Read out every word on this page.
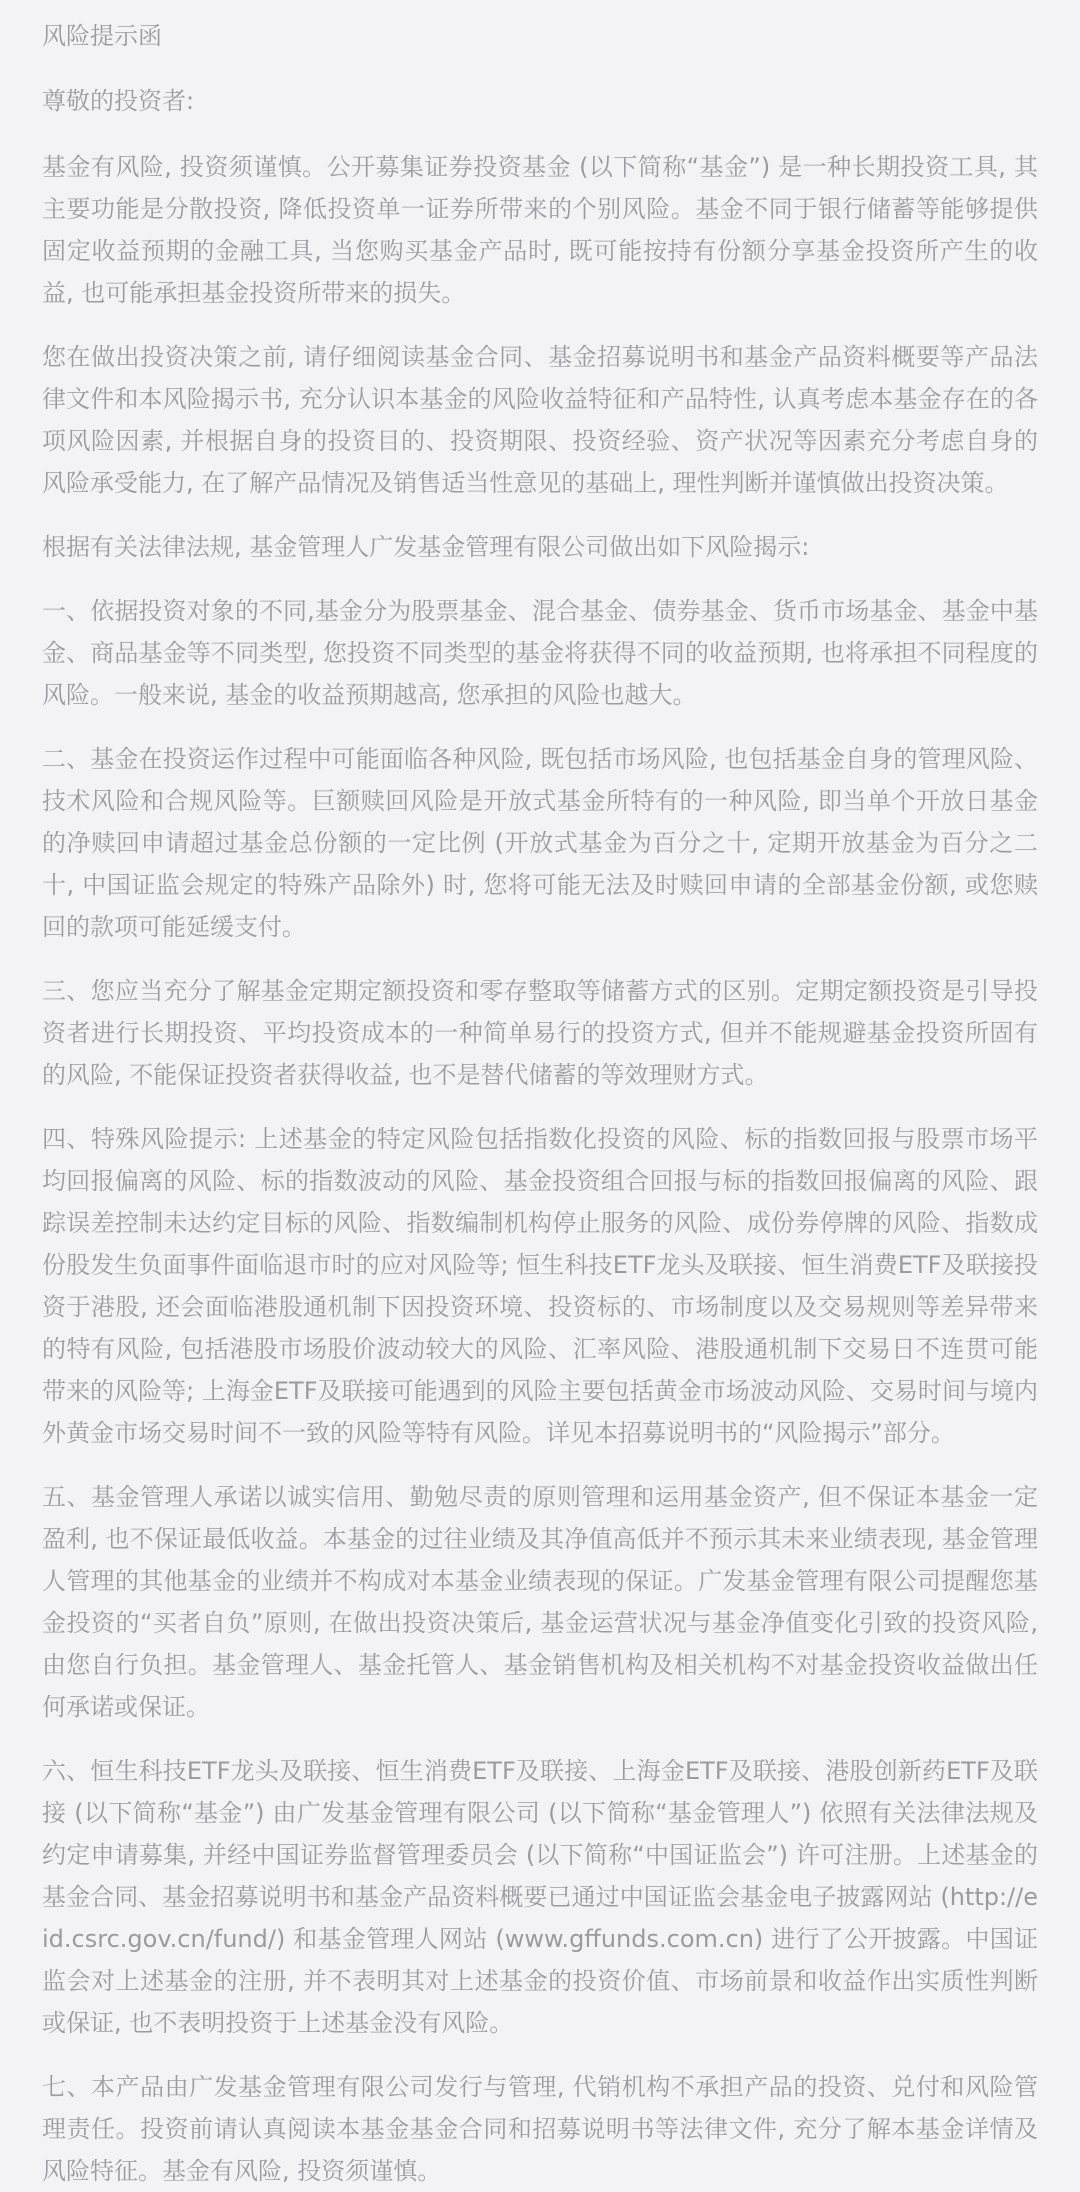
风险提示函

尊敬的投资者:

基金有风险, 投资须谨慎。公开募集证券投资基金 (以下简称“基金”) 是一种长期投资工具, 其主要功能是分散投资, 降低投资单一证券所带来的个别风险。基金不同于银行储蓄等能够提供固定收益预期的金融工具, 当您购买基金产品时, 既可能按持有份额分享基金投资所产生的收益, 也可能承担基金投资所带来的损失。

您在做出投资决策之前, 请仔细阅读基金合同、基金招募说明书和基金产品资料概要等产品法律文件和本风险揭示书, 充分认识本基金的风险收益特征和产品特性, 认真考虑本基金存在的各项风险因素, 并根据自身的投资目的、投资期限、投资经验、资产状况等因素充分考虑自身的风险承受能力, 在了解产品情况及销售适当性意见的基础上, 理性判断并谨慎做出投资决策。

根据有关法律法规, 基金管理人广发基金管理有限公司做出如下风险揭示:

一、依据投资对象的不同,基金分为股票基金、混合基金、债券基金、货币市场基金、基金中基金、商品基金等不同类型, 您投资不同类型的基金将获得不同的收益预期, 也将承担不同程度的风险。一般来说, 基金的收益预期越高, 您承担的风险也越大。

二、基金在投资运作过程中可能面临各种风险, 既包括市场风险, 也包括基金自身的管理风险、技术风险和合规风险等。巨额赎回风险是开放式基金所特有的一种风险, 即当单个开放日基金的净赎回申请超过基金总份额的一定比例 (开放式基金为百分之十, 定期开放基金为百分之二十, 中国证监会规定的特殊产品除外) 时, 您将可能无法及时赎回申请的全部基金份额, 或您赎回的款项可能延缓支付。

三、您应当充分了解基金定期定额投资和零存整取等储蓄方式的区别。定期定额投资是引导投资者进行长期投资、平均投资成本的一种简单易行的投资方式, 但并不能规避基金投资所固有的风险, 不能保证投资者获得收益, 也不是替代储蓄的等效理财方式。

四、特殊风险提示: 上述基金的特定风险包括指数化投资的风险、标的指数回报与股票市场平均回报偏离的风险、标的指数波动的风险、基金投资组合回报与标的指数回报偏离的风险、跟踪误差控制未达约定目标的风险、指数编制机构停止服务的风险、成份券停牌的风险、指数成份股发生负面事件面临退市时的应对风险等; 恒生科技ETF龙头及联接、恒生消费ETF及联接投资于港股, 还会面临港股通机制下因投资环境、投资标的、市场制度以及交易规则等差异带来的特有风险, 包括港股市场股价波动较大的风险、汇率风险、港股通机制下交易日不连贯可能带来的风险等; 上海金ETF及联接可能遇到的风险主要包括黄金市场波动风险、交易时间与境内外黄金市场交易时间不一致的风险等特有风险。详见本招募说明书的“风险揭示”部分。

五、基金管理人承诺以诚实信用、勤勉尽责的原则管理和运用基金资产, 但不保证本基金一定盈利, 也不保证最低收益。本基金的过往业绩及其净值高低并不预示其未来业绩表现, 基金管理人管理的其他基金的业绩并不构成对本基金业绩表现的保证。广发基金管理有限公司提醒您基金投资的“买者自负”原则, 在做出投资决策后, 基金运营状况与基金净值变化引致的投资风险, 由您自行负担。基金管理人、基金托管人、基金销售机构及相关机构不对基金投资收益做出任何承诺或保证。

六、恒生科技ETF龙头及联接、恒生消费ETF及联接、上海金ETF及联接、港股创新药ETF及联接 (以下简称“基金”) 由广发基金管理有限公司 (以下简称“基金管理人”) 依照有关法律法规及约定申请募集, 并经中国证券监督管理委员会 (以下简称“中国证监会”) 许可注册。上述基金的基金合同、基金招募说明书和基金产品资料概要已通过中国证监会基金电子披露网站 (http://eid.csrc.gov.cn/fund/) 和基金管理人网站 (www.gffunds.com.cn) 进行了公开披露。中国证监会对上述基金的注册, 并不表明其对上述基金的投资价值、市场前景和收益作出实质性判断或保证, 也不表明投资于上述基金没有风险。

七、本产品由广发基金管理有限公司发行与管理, 代销机构不承担产品的投资、兑付和风险管理责任。投资前请认真阅读本基金基金合同和招募说明书等法律文件, 充分了解本基金详情及风险特征。基金有风险, 投资须谨慎。
